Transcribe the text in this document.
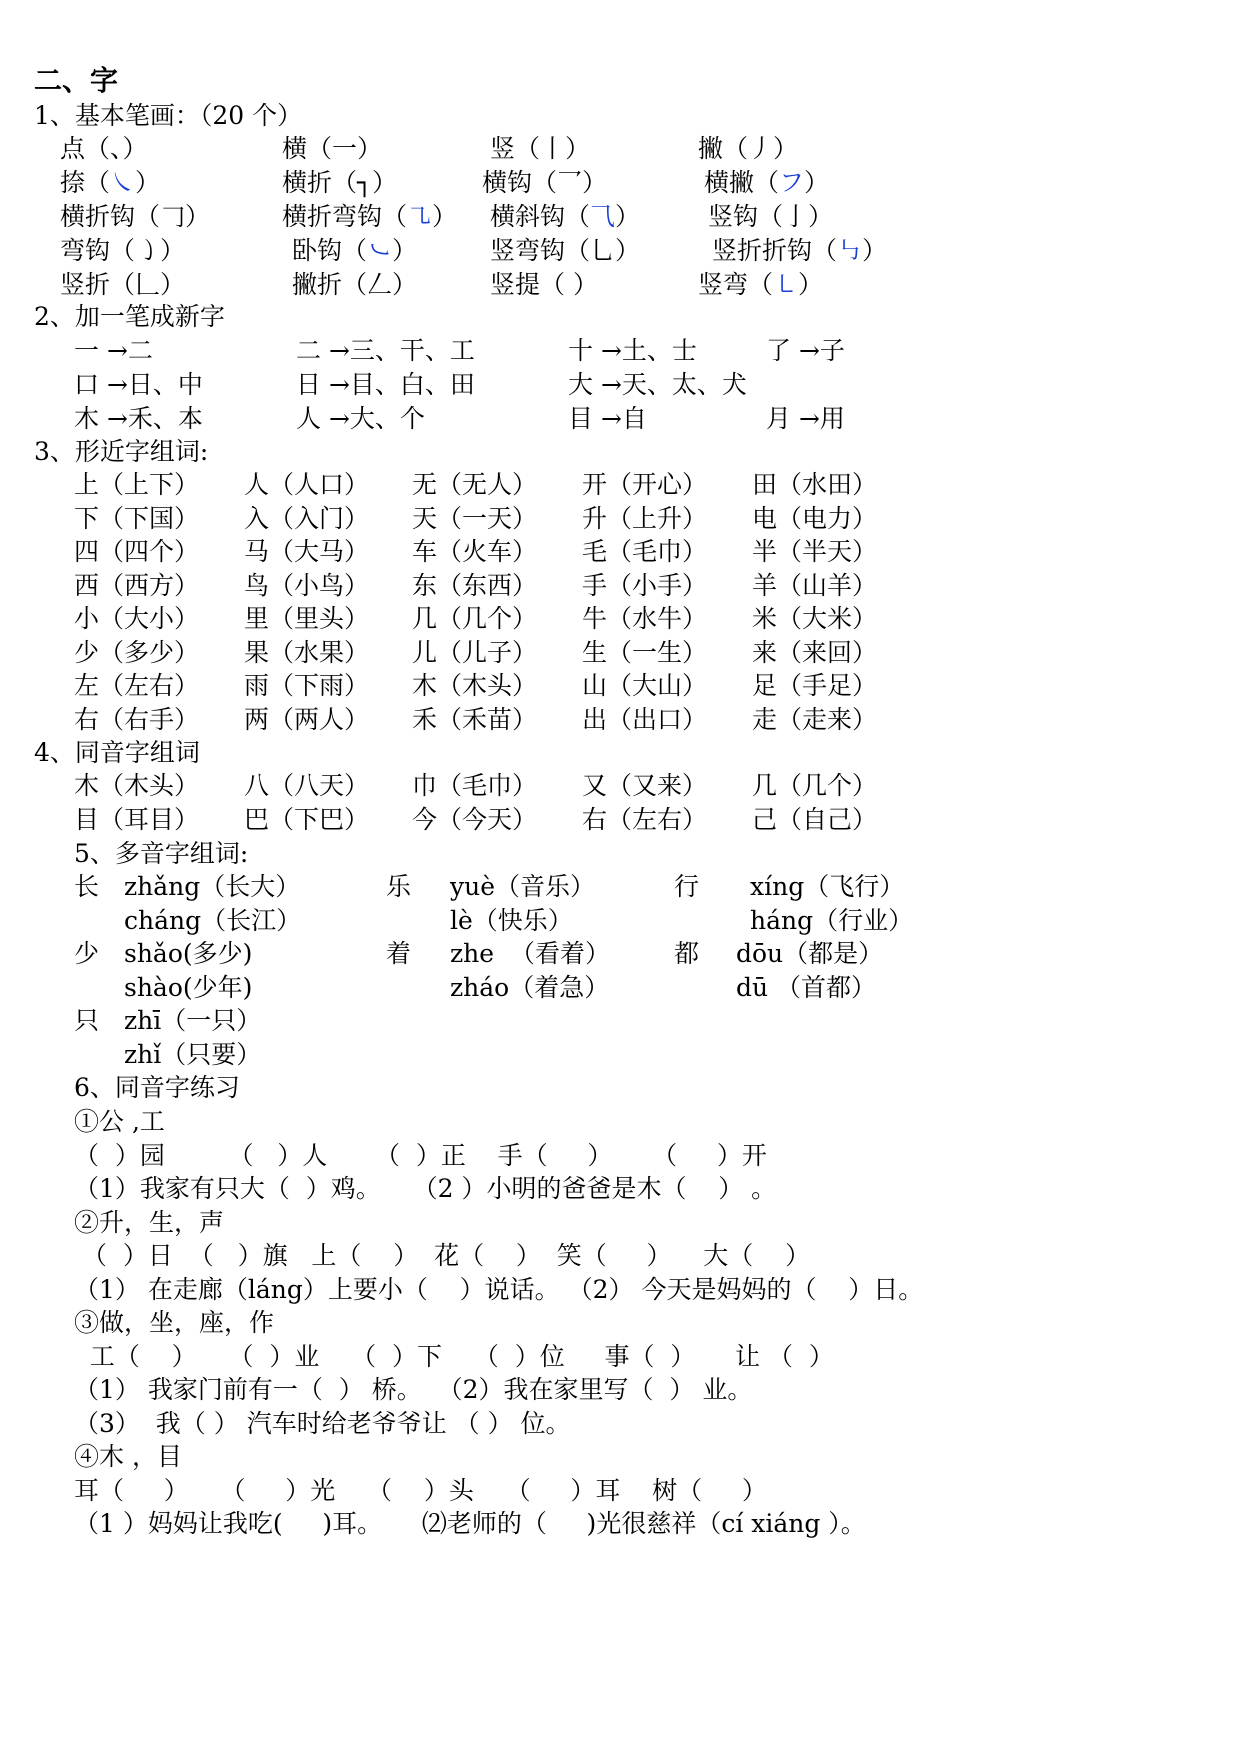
二、字
1、基本笔画：（20 个）
点（、）	横（一）	竖（丨）	撇（丿）
捺（㇏）	横折（┐）	横钩（乛）	横撇（フ）
横折钩（𠃌）	横折弯钩（㇈） 横斜钩（⺄）	竖钩（亅）
弯钩（㇁）	卧钩（㇃）	竖弯钩（乚）	竖折折钩（㇉）
竖折（𠃊）	撇折（𠃋）	竖提（ ）	竖弯（㇄）
2、加一笔成新字
一 →二	二 →三、干、工	十 →土、士	了 →子
口 →日、中	日 →目、白、田	大 →天、太、犬
木 →禾、本	人 →大、个	目 →自	月 →用
3、形近字组词:
上（上下） 人（人口） 无（无人） 开（开心） 田（水田）
下（下国） 入（入门） 天（一天） 升（上升） 电（电力）
四（四个） 马（大马） 车（火车） 毛（毛巾） 半（半天）
西（西方） 鸟（小鸟） 东（东西） 手（小手） 羊（山羊）
小（大小） 里（里头） 几（几个） 牛（水牛） 米（大米）
少（多少） 果（水果） 儿（儿子） 生（一生） 来（来回）
左（左右） 雨（下雨） 木（木头） 山（大山） 足（手足）
右（右手） 两（两人） 禾（禾苗） 出（出口） 走（走来）
4、同音字组词
木（木头） 八（八天） 巾（毛巾） 又（又来） 几（几个）
目（耳目） 巴（下巴） 今（今天） 右（左右） 己（自己）
5、多音字组词:
长 zhǎng（长大）	乐 yuè（音乐）	行 xíng（飞行）
cháng（长江）	lè（快乐）	háng（行业）
少 shǎo(多少)	着 zhe  （看着）	都 dōu（都是）
shào(少年)	zháo（着急）	dū （首都）
只 zhī（一只）
zhǐ（只要）
6、同音字练习
①公 ,工
（  ）园        （   ）人      （  ）正    手（     ）     （     ）开
（1）我家有只大（  ）鸡。    （2 ）小明的爸爸是木（    ） 。
②升，生，声
（  ）日  （   ）旗   上（    ）  花（    ）  笑（     ）    大（    ）
（1） 在走廊（láng）上要小（    ）说话。 （2） 今天是妈妈的（    ）日。
③做，坐，座，作
工（    ）    （  ）业    （  ）下    （  ）位     事（  ）     让 （  ）
（1） 我家门前有一（  ） 桥。  （2）我在家里写（  ） 业。
（3）  我（ ） 汽车时给老爷爷让 （ ） 位。
④木 ，目
耳（     ）    （     ）光    （    ）头    （     ）耳    树（     ）
（1 ）妈妈让我吃(     )耳。     ⑵老师的（     )光很慈祥（cí xiáng ）。
